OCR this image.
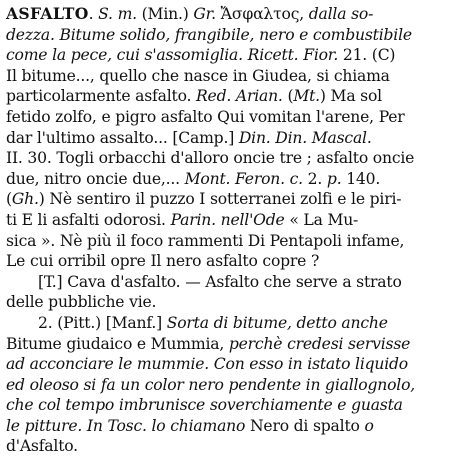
ASFALTO. S. m. (Min.) Gr. Ἄσφαλτος, dalla so-
dezza. Bitume solido, frangibile, nero e combustibile
come la pece, cui s'assomiglia. Ricett. Fior. 21. (C)
Il bitume..., quello che nasce in Giudea, si chiama
particolarmente asfalto. Red. Arian. (Mt.) Ma sol
fetido zolfo, e pigro asfalto Qui vomitan l'arene, Per
dar l'ultimo assalto... [Camp.] Din. Din. Mascal.
II. 30. Togli orbacchi d'alloro oncie tre ; asfalto oncie
due, nitro oncie due,... Mont. Feron. c. 2. p. 140.
(Gh.) Nè sentiro il puzzo I sotterranei zolfi e le piri-
ti E li asfalti odorosi. Parin. nell'Ode « La Mu-
sica ». Nè più il foco rammenti Di Pentapoli infame,
Le cui orribil opre Il nero asfalto copre ?
[T.] Cava d'asfalto. — Asfalto che serve a strato
delle pubbliche vie.
2. (Pitt.) [Manf.] Sorta di bitume, detto anche
Bitume giudaico e Mummia, perchè credesi servisse
ad acconciare le mummie. Con esso in istato liquido
ed oleoso si fa un color nero pendente in giallognolo,
che col tempo imbrunisce soverchiamente e guasta
le pitture. In Tosc. lo chiamano Nero di spalto o
d'Asfalto.
